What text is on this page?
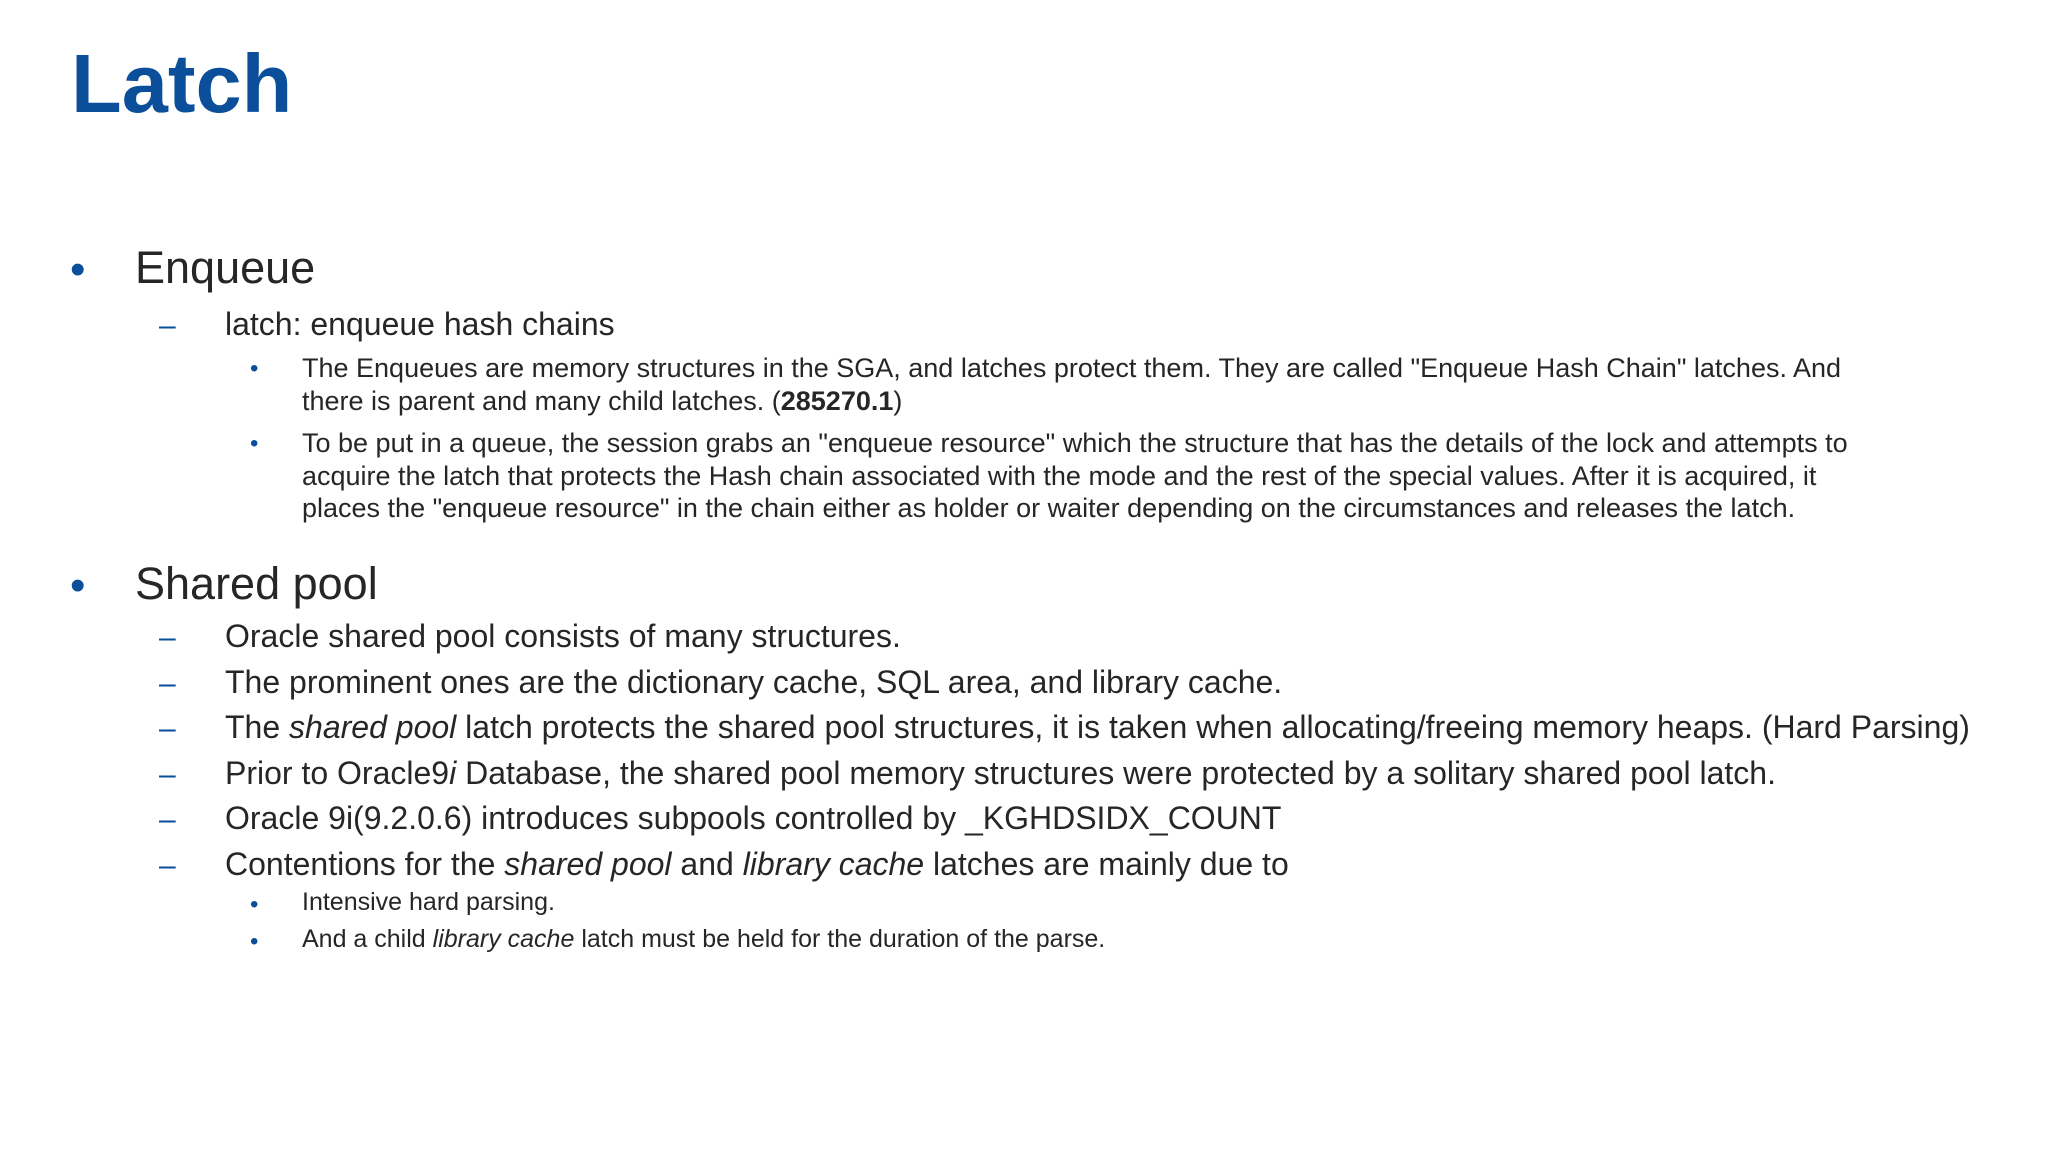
Latch
• Enqueue
– latch: enqueue hash chains
• The Enqueues are memory structures in the SGA, and latches protect them. They are called "Enqueue Hash Chain" latches. And
there is parent and many child latches. (285270.1)
• To be put in a queue, the session grabs an "enqueue resource" which the structure that has the details of the lock and attempts to
acquire the latch that protects the Hash chain associated with the mode and the rest of the special values. After it is acquired, it
places the "enqueue resource" in the chain either as holder or waiter depending on the circumstances and releases the latch.
• Shared pool
– Oracle shared pool consists of many structures.
– The prominent ones are the dictionary cache, SQL area, and library cache.
– The shared pool latch protects the shared pool structures, it is taken when allocating/freeing memory heaps. (Hard Parsing)
– Prior to Oracle9i Database, the shared pool memory structures were protected by a solitary shared pool latch.
– Oracle 9i(9.2.0.6) introduces subpools controlled by _KGHDSIDX_COUNT
– Contentions for the shared pool and library cache latches are mainly due to
• Intensive hard parsing.
• And a child library cache latch must be held for the duration of the parse.
